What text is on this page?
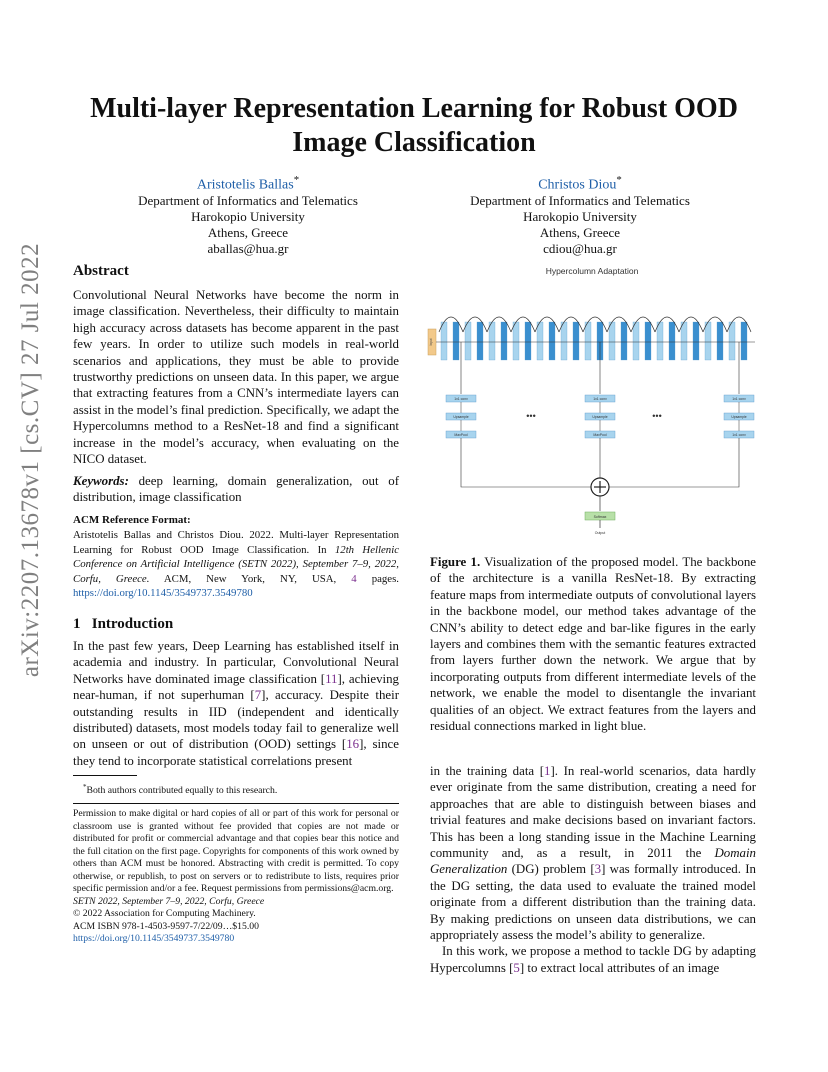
arXiv:2207.13678v1 [cs.CV] 27 Jul 2022
Multi-layer Representation Learning for Robust OOD
Image Classification
Aristotelis Ballas*
Department of Informatics and Telematics
Harokopio University
Athens, Greece
aballas@hua.gr
Christos Diou*
Department of Informatics and Telematics
Harokopio University
Athens, Greece
cdiou@hua.gr
Abstract

Convolutional Neural Networks have become the norm in image classification. Nevertheless, their difficulty to maintain high accuracy across datasets has become apparent in the past few years. In order to utilize such models in real-world scenarios and applications, they must be able to provide trustworthy predictions on unseen data. In this paper, we argue that extracting features from a CNN’s intermediate layers can assist in the model’s final prediction. Specifically, we adapt the Hypercolumns method to a ResNet-18 and find a significant increase in the model’s accuracy, when evaluating on the NICO dataset.

Keywords: deep learning, domain generalization, out of distribution, image classification

ACM Reference Format:
Aristotelis Ballas and Christos Diou. 2022. Multi-layer Representation Learning for Robust OOD Image Classification. In 12th Hellenic Conference on Artificial Intelligence (SETN 2022), September 7–9, 2022, Corfu, Greece. ACM, New York, NY, USA, 4 pages. https://doi.org/10.1145/3549737.3549780
1 Introduction

In the past few years, Deep Learning has established itself in academia and industry. In particular, Convolutional Neural Networks have dominated image classification [11], achieving near-human, if not superhuman [7], accuracy. Despite their outstanding results in IID (independent and identically distributed) datasets, most models today fail to generalize well on unseen or out of distribution (OOD) settings [16], since they tend to incorporate statistical correlations present

*Both authors contributed equally to this research.

Permission to make digital or hard copies of all or part of this work for personal or classroom use is granted without fee provided that copies are not made or distributed for profit or commercial advantage and that copies bear this notice and the full citation on the first page. Copyrights for components of this work owned by others than ACM must be honored. Abstracting with credit is permitted. To copy otherwise, or republish, to post on servers or to redistribute to lists, requires prior specific permission and/or a fee. Request permissions from permissions@acm.org.

SETN 2022, September 7–9, 2022, Corfu, Greece

© 2022 Association for Computing Machinery.

ACM ISBN 978-1-4503-9597-7/22/09…$15.00

https://doi.org/10.1145/3549737.3549780

Hypercolumn Adaptation
Input
1x1 conv
Upsample
MaxPool
1x1 conv
Upsample
MaxPool
1x1 conv
Upsample
1x1 conv
•••	•••
Softmax
Output
Figure 1. Visualization of the proposed model. The backbone of the architecture is a vanilla ResNet-18. By extracting feature maps from intermediate outputs of convolutional layers in the backbone model, our method takes advantage of the CNN’s ability to detect edge and bar-like figures in the early layers and combines them with the semantic features extracted from layers further down the network. We argue that by incorporating outputs from different intermediate levels of the network, we enable the model to disentangle the invariant qualities of an object. We extract features from the layers and residual connections marked in light blue.

in the training data [1]. In real-world scenarios, data hardly ever originate from the same distribution, creating a need for approaches that are able to distinguish between biases and trivial features and make decisions based on invariant factors. This has been a long standing issue in the Machine Learning community and, as a result, in 2011 the Domain Generalization (DG) problem [3] was formally introduced. In the DG setting, the data used to evaluate the trained model originate from a different distribution than the training data. By making predictions on unseen data distributions, we can appropriately assess the model’s ability to generalize.

In this work, we propose a method to tackle DG by adapting Hypercolumns [5] to extract local attributes of an image
